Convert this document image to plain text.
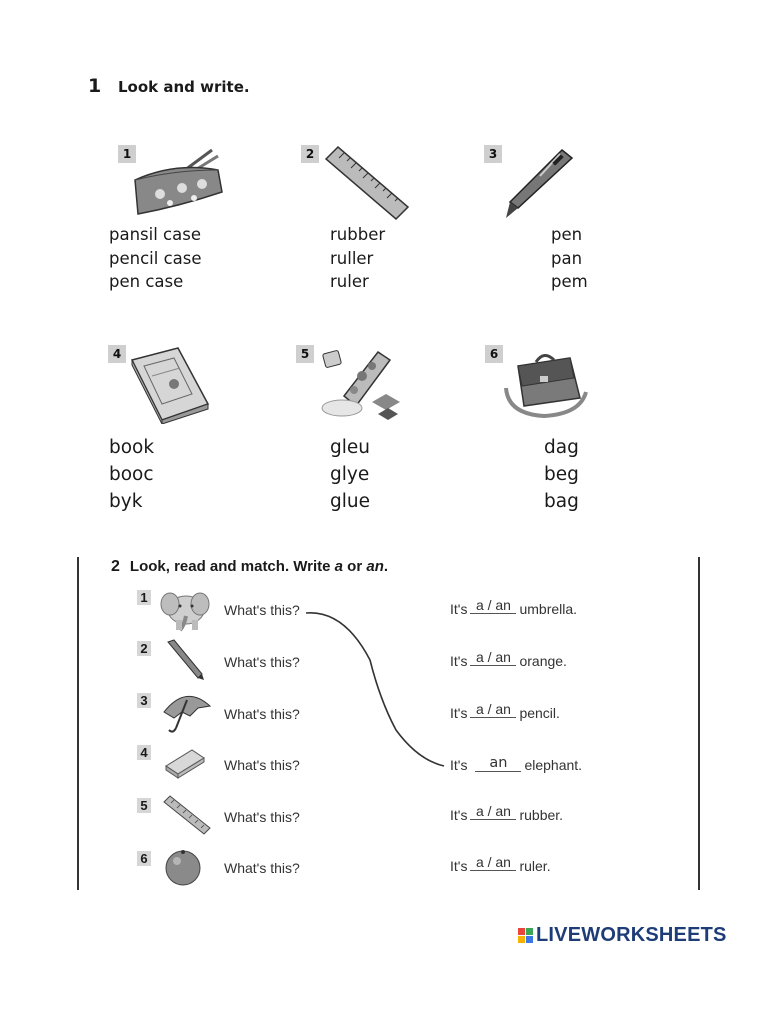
1 Look and write.
1
pansil case
pencil case
pen case
2
rubber
ruller
ruler
3
pen
pan
pem
4
book
booc
byk
5
gleu
glye
glue
6
dag
beg
bag
2 Look, read and match. Write a or an.
1
What's this?	It's a / an umbrella.
2
What's this?	It's a / an orange.
3
What's this?	It's a / an pencil.
4
What's this?	It's	an	elephant.
5
What's this?	It's a / an rubber.
6
What's this?	It's a / an ruler.
LIVEWORKSHEETS
